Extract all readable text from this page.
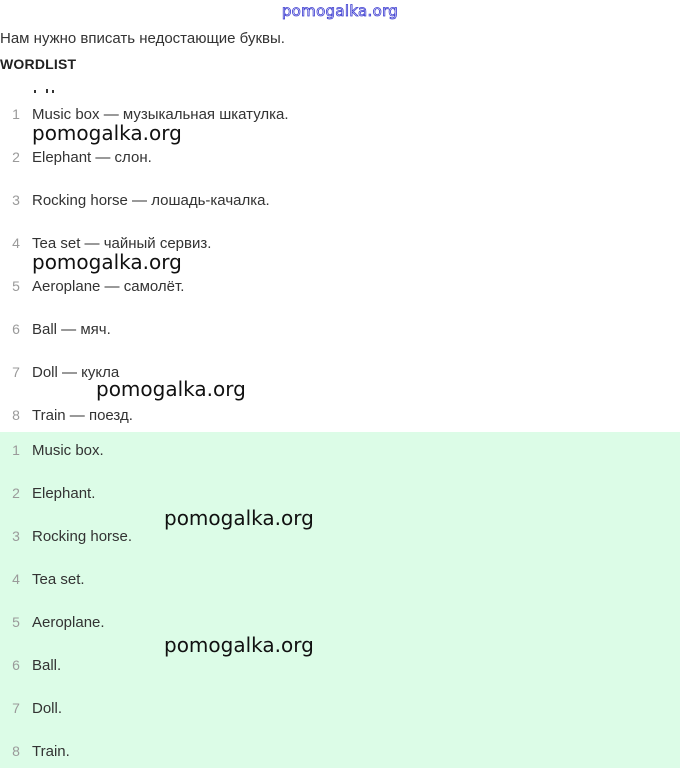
pomogalka.org
Нам нужно вписать недостающие буквы.
WORDLIST
1 Music box — музыкальная шкатулка.
2 Elephant — слон.
3 Rocking horse — лошадь-качалка.
4 Tea set — чайный сервиз.
5 Aeroplane — самолёт.
6 Ball — мяч.
7 Doll — кукла
8 Train — поезд.
1 Music box.
2 Elephant.
3 Rocking horse.
4 Tea set.
5 Aeroplane.
6 Ball.
7 Doll.
8 Train.
pomogalka.org
pomogalka.org
pomogalka.org
pomogalka.org
pomogalka.org
